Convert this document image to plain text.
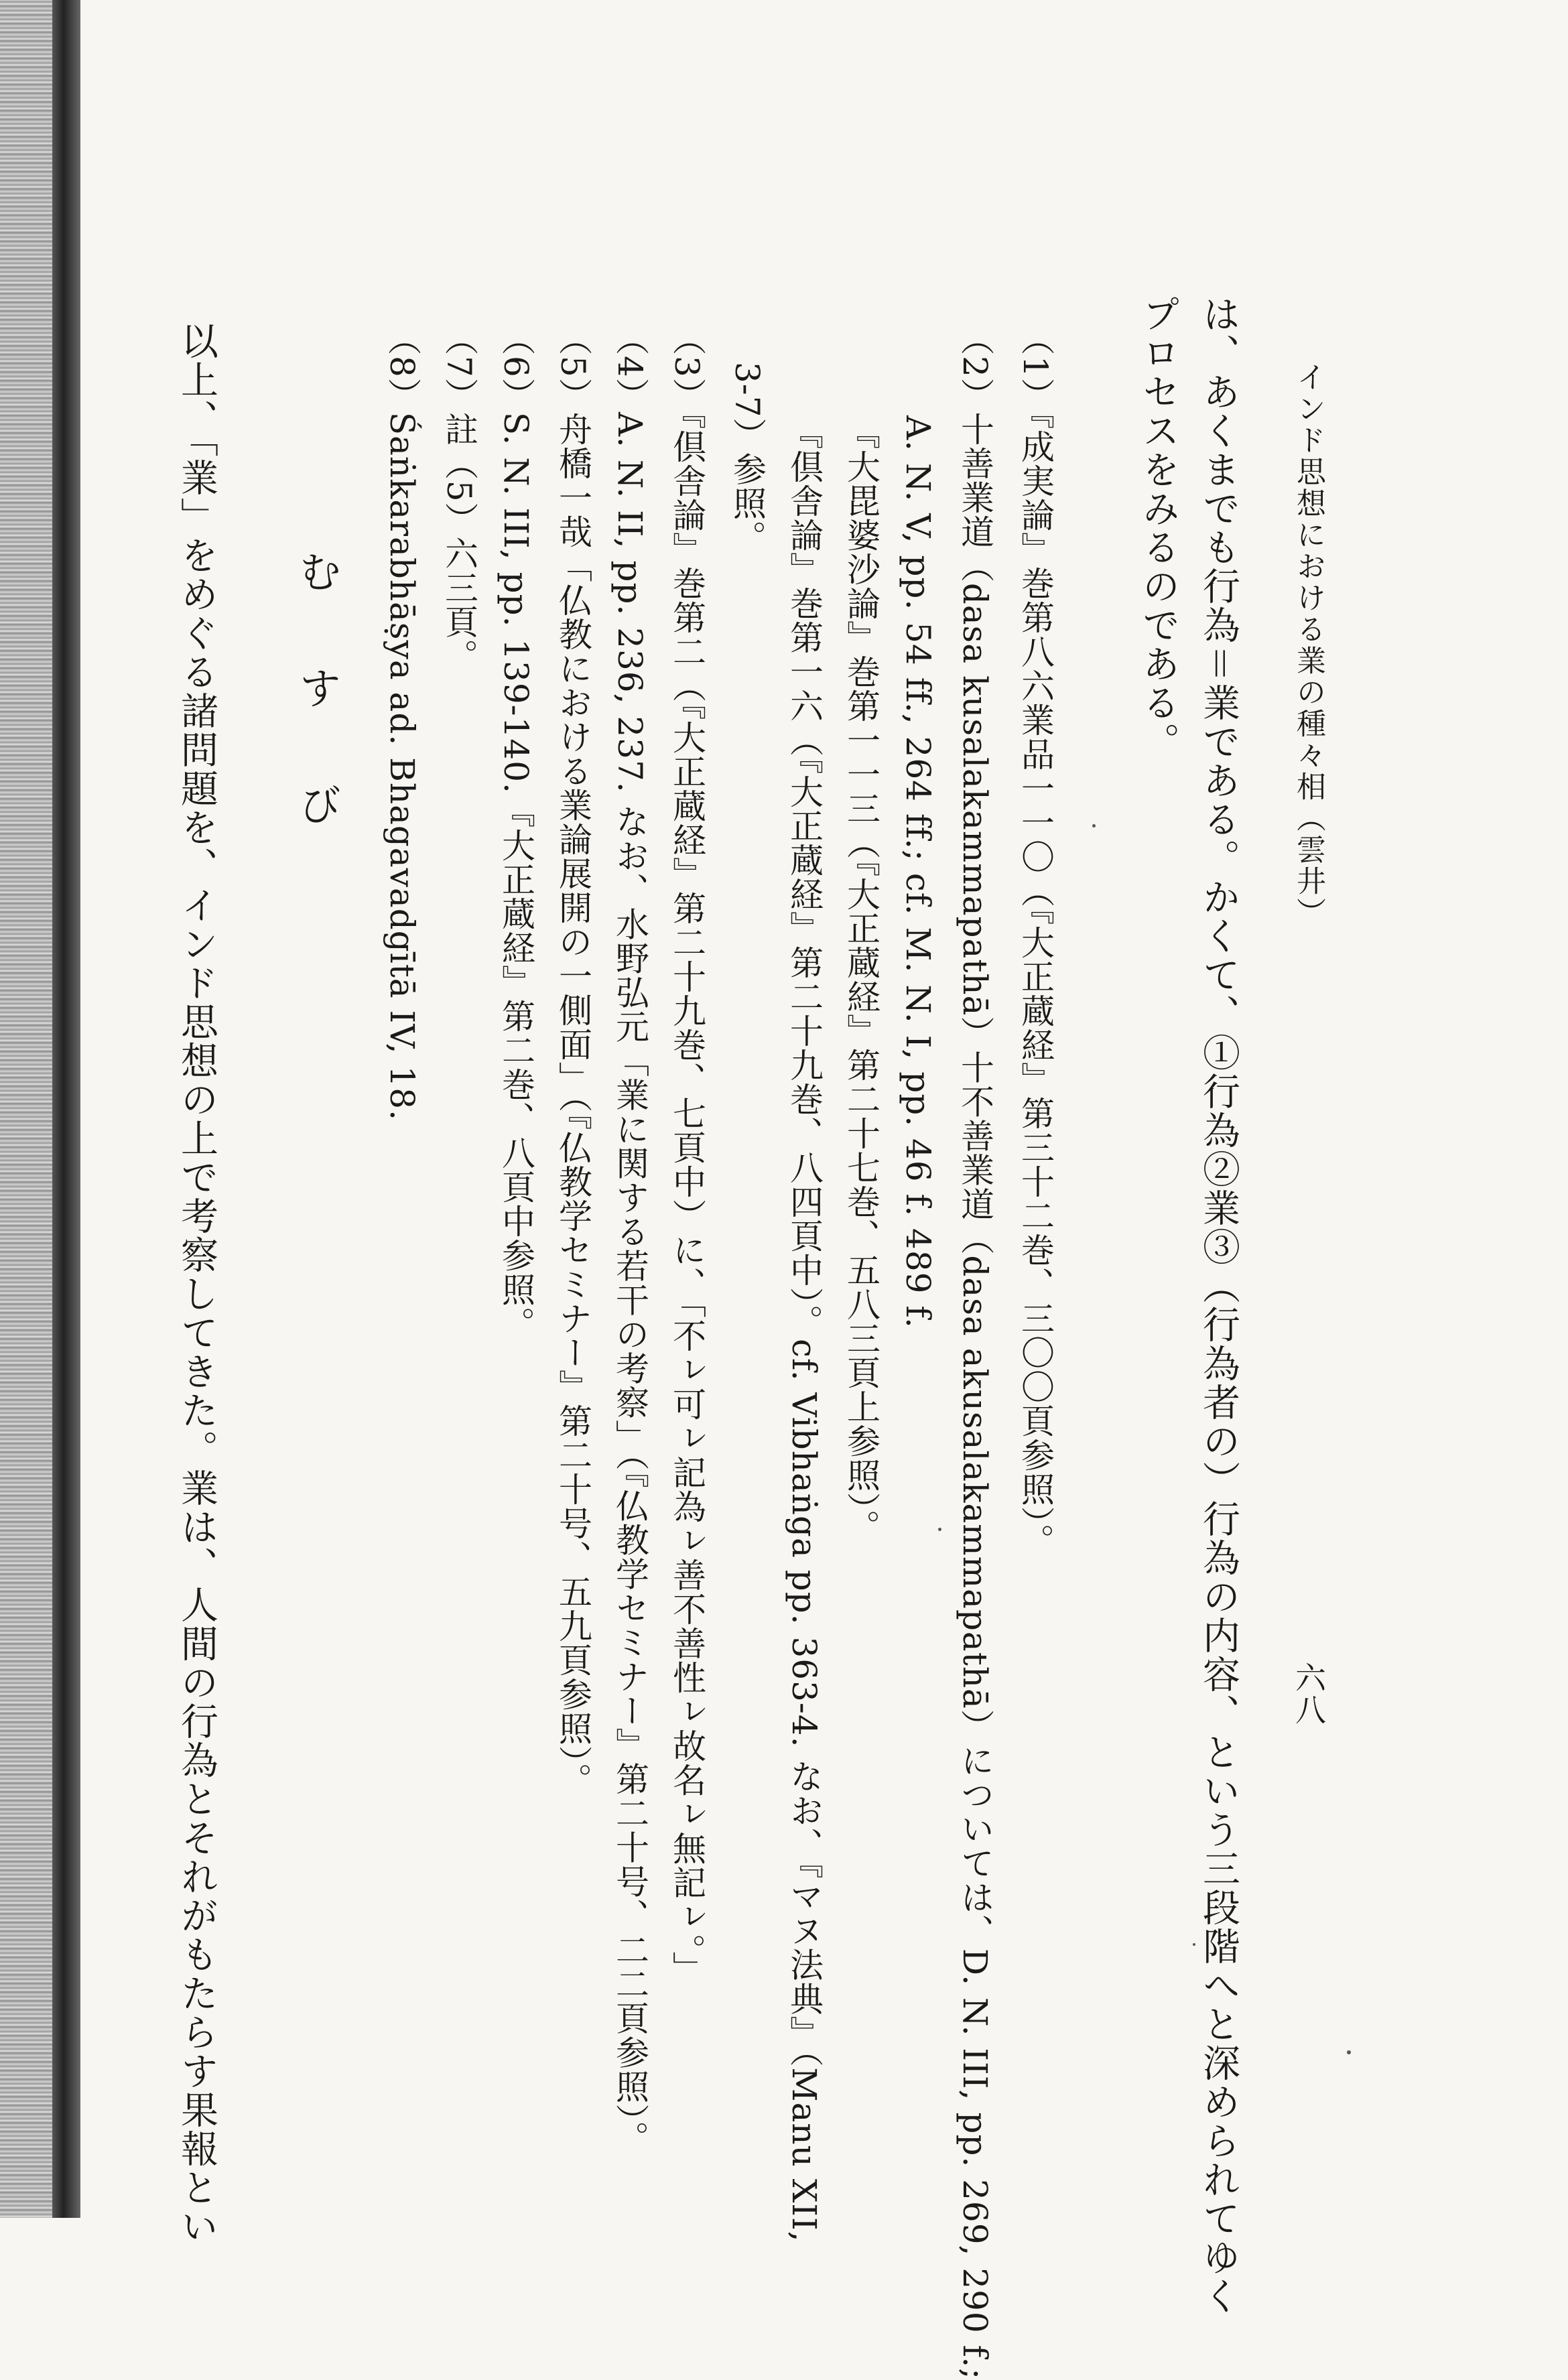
インド思想における業の種々相（雲井）
六八
は、あくまでも行為＝業である。かくて、①行為②業③（行為者の）行為の内容、という三段階へと深められてゆく
プロセスをみるのである。
（1）『成実論』巻第八六業品一一〇（『大正蔵経』第三十二巻、三〇〇頁参照）。
（2）十善業道（dasa kusalakammapathā）十不善業道（dasa akusalakammapathā）については、D. N. III, pp. 269, 290 f.;
A. N. V, pp. 54 ff., 264 ff.; cf. M. N. I, pp. 46 f. 489 f.
『大毘婆沙論』巻第一一三（『大正蔵経』第二十七巻、五八三頁上参照）。
『倶舎論』巻第一六（『大正蔵経』第二十九巻、八四頁中）。cf. Vibhaṅga pp. 363-4. なお、『マヌ法典』（Manu XII,
3-7）参照。
（3）『倶舎論』巻第二（『大正蔵経』第二十九巻、七頁中）に、「不ㇾ可ㇾ記為ㇾ善不善性ㇾ故名ㇾ無記ㇾ。」
（4）A. N. II, pp. 236, 237. なお、水野弘元「業に関する若干の考察」（『仏教学セミナー』第二十号、二二頁参照）。
（5）舟橋一哉「仏教における業論展開の一側面」（『仏教学セミナー』第二十号、五九頁参照）。
（6）S. N. III, pp. 139-140.『大正蔵経』第二巻、八頁中参照。
（7）註（5）六三頁。
（8）Śaṅkarabhāṣya ad. Bhagavadgītā IV, 18.
むすび
以上、「業」をめぐる諸問題を、インド思想の上で考察してきた。業は、人間の行為とそれがもたらす果報とい
